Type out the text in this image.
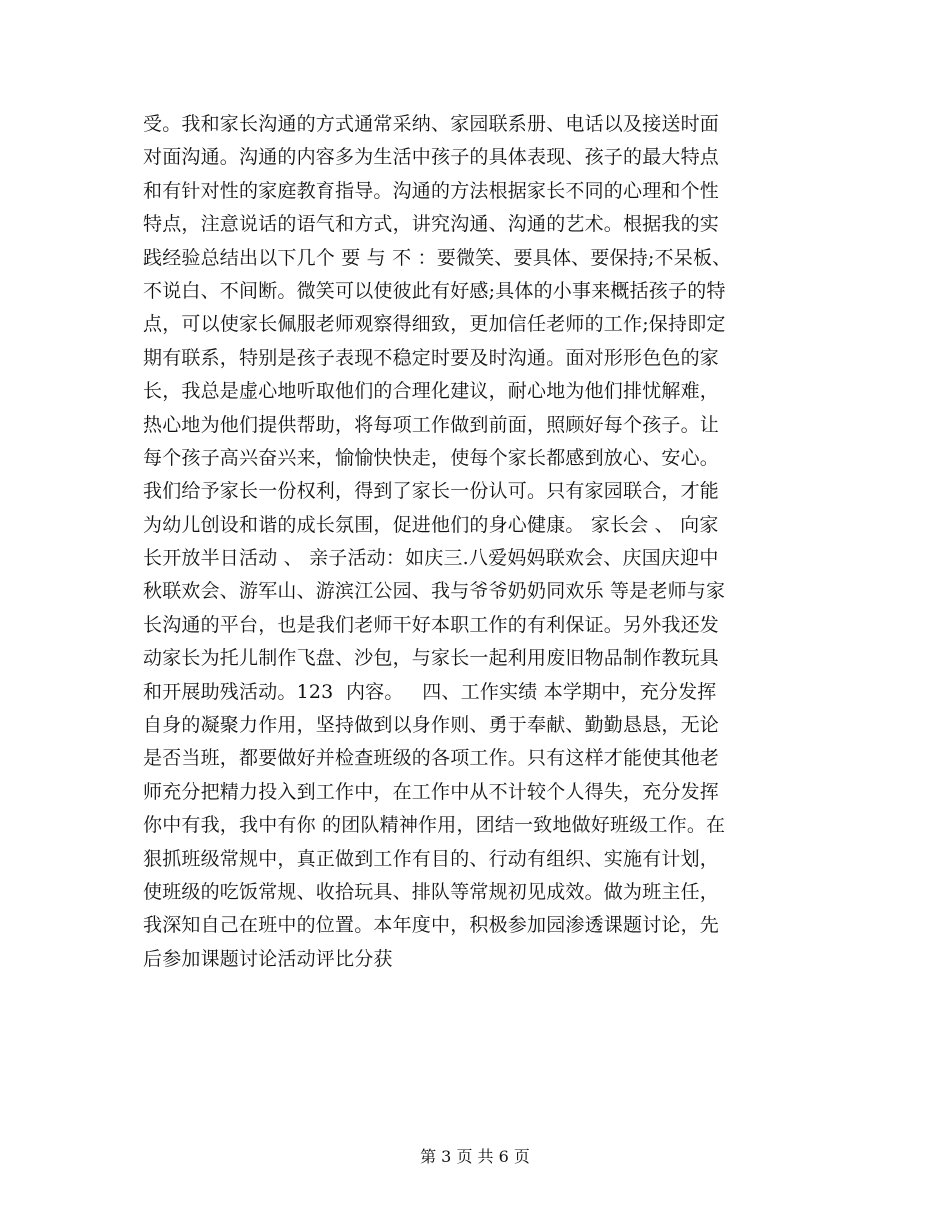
受。我和家长沟通的方式通常采纳、家园联系册、电话以及接送时面
对面沟通。沟通的内容多为生活中孩子的具体表现、孩子的最大特点
和有针对性的家庭教育指导。沟通的方法根据家长不同的心理和个性
特点，注意说话的语气和方式，讲究沟通、沟通的艺术。根据我的实
践经验总结出以下几个 要 与 不 ：要微笑、要具体、要保持;不呆板、
不说白、不间断。微笑可以使彼此有好感;具体的小事来概括孩子的特
点，可以使家长佩服老师观察得细致，更加信任老师的工作;保持即定
期有联系，特别是孩子表现不稳定时要及时沟通。面对形形色色的家
长，我总是虚心地听取他们的合理化建议，耐心地为他们排忧解难，
热心地为他们提供帮助，将每项工作做到前面，照顾好每个孩子。让
每个孩子高兴奋兴来，愉愉快快走，使每个家长都感到放心、安心。
我们给予家长一份权利，得到了家长一份认可。只有家园联合，才能
为幼儿创设和谐的成长氛围，促进他们的身心健康。 家长会 、 向家
长开放半日活动 、 亲子活动：如庆三.八爱妈妈联欢会、庆国庆迎中
秋联欢会、游军山、游滨江公园、我与爷爷奶奶同欢乐 等是老师与家
长沟通的平台，也是我们老师干好本职工作的有利保证。另外我还发
动家长为托儿制作飞盘、沙包，与家长一起利用废旧物品制作教玩具
和开展助残活动。123  内容。   四、工作实绩 本学期中，充分发挥
自身的凝聚力作用，坚持做到以身作则、勇于奉献、勤勤恳恳，无论
是否当班，都要做好并检查班级的各项工作。只有这样才能使其他老
师充分把精力投入到工作中，在工作中从不计较个人得失，充分发挥
你中有我，我中有你 的团队精神作用，团结一致地做好班级工作。在
狠抓班级常规中，真正做到工作有目的、行动有组织、实施有计划，
使班级的吃饭常规、收拾玩具、排队等常规初见成效。做为班主任，
我深知自己在班中的位置。本年度中，积极参加园渗透课题讨论，先
后参加课题讨论活动评比分获
第 3 页 共 6 页
